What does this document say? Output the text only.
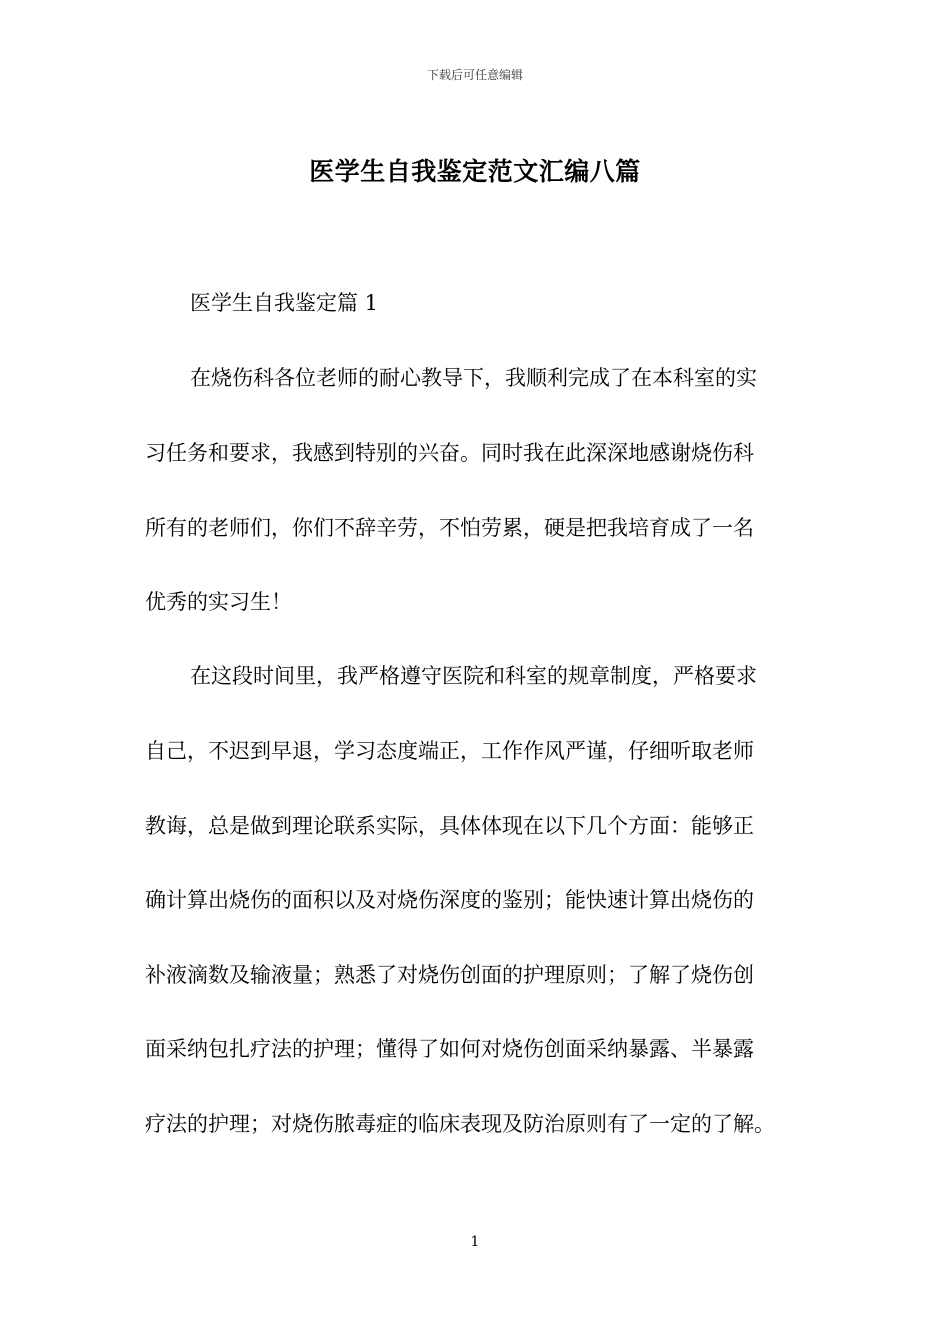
下载后可任意编辑
医学生自我鉴定范文汇编八篇
医学生自我鉴定篇 1
在烧伤科各位老师的耐心教导下，我顺利完成了在本科室的实
习任务和要求，我感到特别的兴奋。同时我在此深深地感谢烧伤科
所有的老师们，你们不辞辛劳，不怕劳累，硬是把我培育成了一名
优秀的实习生！
在这段时间里，我严格遵守医院和科室的规章制度，严格要求
自己，不迟到早退，学习态度端正，工作作风严谨，仔细听取老师
教诲，总是做到理论联系实际，具体体现在以下几个方面：能够正
确计算出烧伤的面积以及对烧伤深度的鉴别；能快速计算出烧伤的
补液滴数及输液量；熟悉了对烧伤创面的护理原则；了解了烧伤创
面采纳包扎疗法的护理；懂得了如何对烧伤创面采纳暴露、半暴露
疗法的护理；对烧伤脓毒症的临床表现及防治原则有了一定的了解。
1
